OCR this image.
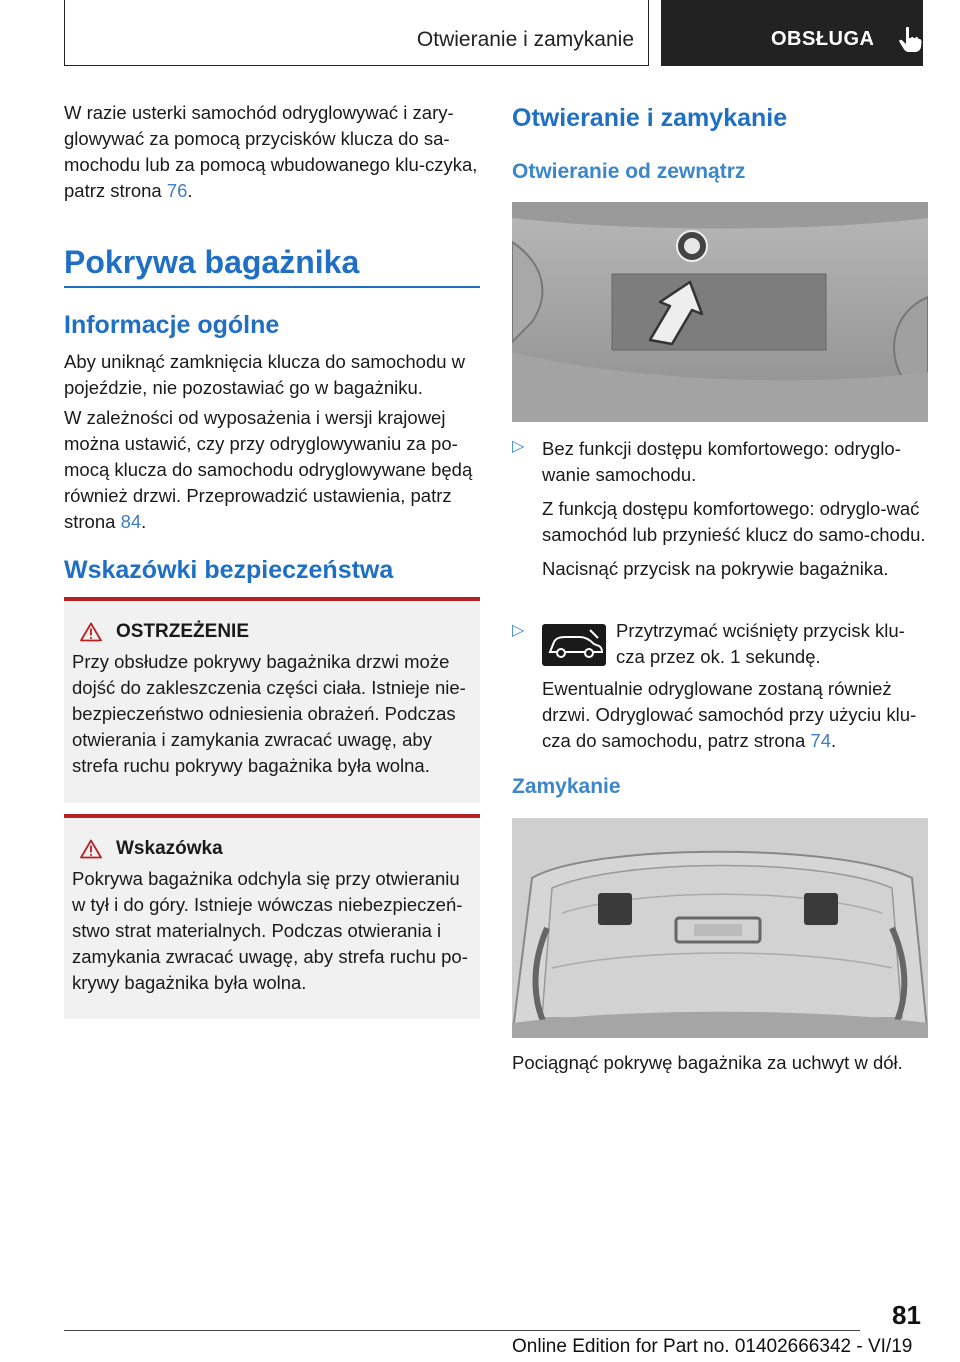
Otwieranie i zamykanie	OBSŁUGA

W razie usterki samochód odryglowywać i zary-glowywać za pomocą przycisków klucza do sa-mochodu lub za pomocą wbudowanego klu-czyka, patrz strona 76.

Pokrywa bagażnika
Informacje ogólne

Aby uniknąć zamknięcia klucza do samochodu w pojeździe, nie pozostawiać go w bagażniku.

W zależności od wyposażenia i wersji krajowej można ustawić, czy przy odryglowywaniu za po-mocą klucza do samochodu odryglowywane będą również drzwi. Przeprowadzić ustawienia, patrz strona 84.

Wskazówki bezpieczeństwa
OSTRZEŻENIE

Przy obsłudze pokrywy bagażnika drzwi może dojść do zakleszczenia części ciała. Istnieje nie-bezpieczeństwo odniesienia obrażeń. Podczas otwierania i zamykania zwracać uwagę, aby strefa ruchu pokrywy bagażnika była wolna.

Wskazówka

Pokrywa bagażnika odchyla się przy otwieraniu w tył i do góry. Istnieje wówczas niebezpieczeń-stwo strat materialnych. Podczas otwierania i zamykania zwracać uwagę, aby strefa ruchu po-krywy bagażnika była wolna.

Otwieranie i zamykanie
Otwieranie od zewnątrz
▷ Bez funkcji dostępu komfortowego: odryglo-wanie samochodu.

Z funkcją dostępu komfortowego: odryglo-wać samochód lub przynieść klucz do samo-chodu.

Nacisnąć przycisk na pokrywie bagażnika.

▷	Przytrzymać wciśnięty przycisk klu-cza przez ok. 1 sekundę.

Ewentualnie odryglowane zostaną również drzwi. Odryglować samochód przy użyciu klu-cza do samochodu, patrz strona 74.

Zamykanie

Pociągnąć pokrywę bagażnika za uchwyt w dół.

81
Online Edition for Part no. 01402666342 - VI/19
